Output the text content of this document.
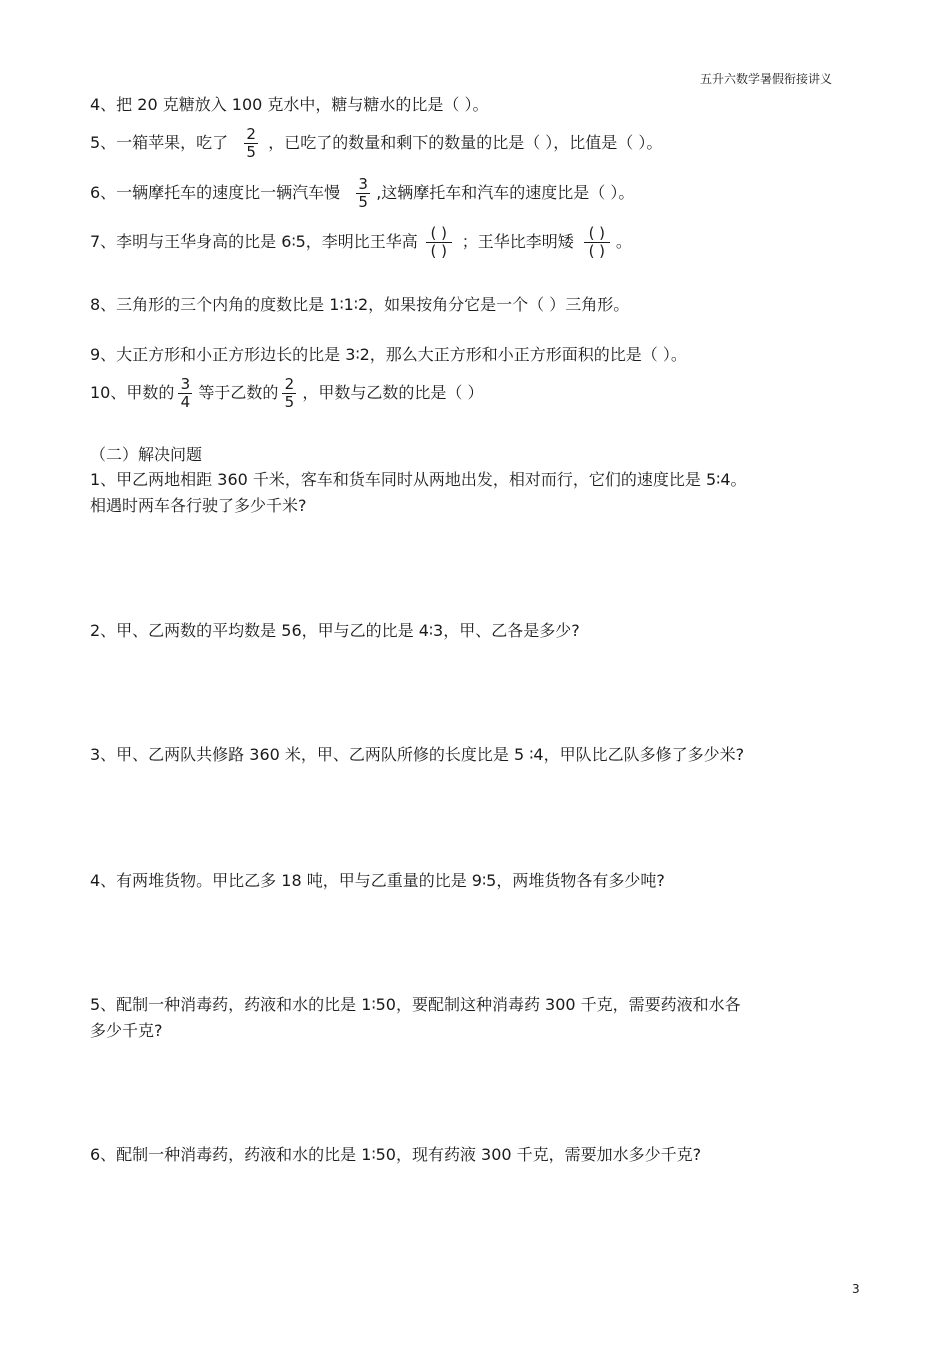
五升六数学暑假衔接讲义
4、把 20 克糖放入 100 克水中，糖与糖水的比是（ ）。
5、一箱苹果，吃了 $\frac{2}{5}$ ，已吃了的数量和剩下的数量的比是（ ），比值是（ ）。
6、一辆摩托车的速度比一辆汽车慢 $\frac{3}{5}$ ,这辆摩托车和汽车的速度比是（ ）。
7、李明与王华身高的比是 6∶5，李明比王华高 $\frac{( )}{( )}$ ；王华比李明矮 $\frac{( )}{( )}$ 。
8、三角形的三个内角的度数比是 1∶1∶2，如果按角分它是一个（ ）三角形。
9、大正方形和小正方形边长的比是 3∶2，那么大正方形和小正方形面积的比是（ ）。
10、甲数的 $\frac{3}{4}$ 等于乙数的 $\frac{2}{5}$ ，甲数与乙数的比是（ ）
（二）解决问题
1、甲乙两地相距 360 千米，客车和货车同时从两地出发，相对而行，它们的速度比是 5∶4。
相遇时两车各行驶了多少千米?
2、甲、乙两数的平均数是 56，甲与乙的比是 4∶3，甲、乙各是多少?
3、甲、乙两队共修路 360 米，甲、乙两队所修的长度比是 5 ∶4，甲队比乙队多修了多少米?
4、有两堆货物。甲比乙多 18 吨，甲与乙重量的比是 9∶5，两堆货物各有多少吨?
5、配制一种消毒药，药液和水的比是 1∶50，要配制这种消毒药 300 千克，需要药液和水各
多少千克?
6、配制一种消毒药，药液和水的比是 1∶50，现有药液 300 千克，需要加水多少千克?
3
